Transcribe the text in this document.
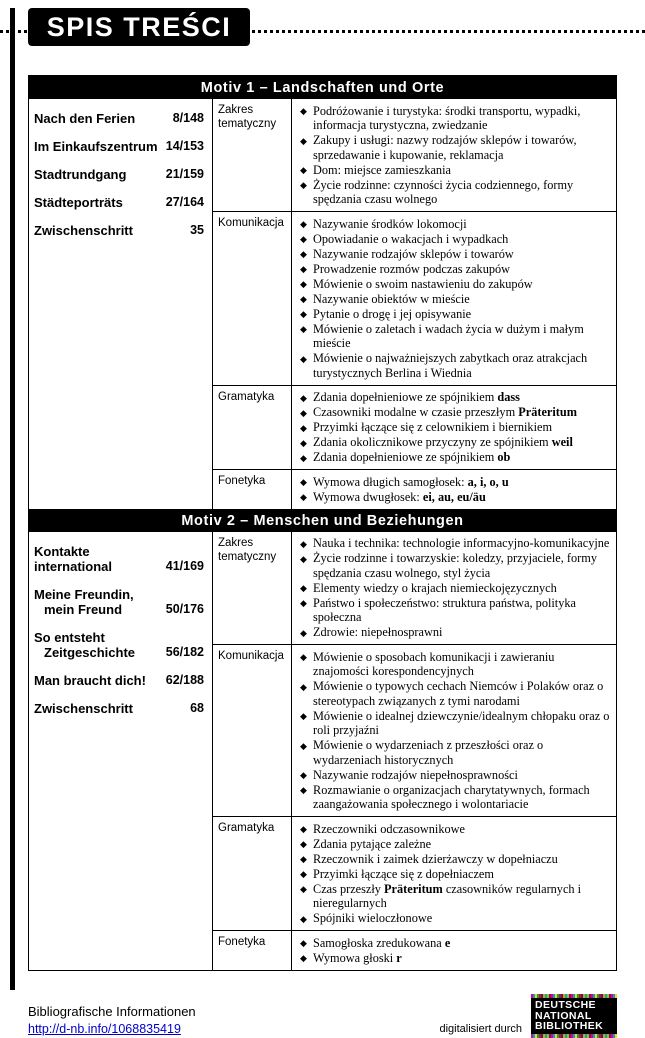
SPIS TREŚCI
Motiv 1 – Landschaften und Orte
Nach den Ferien	8/148
Im Einkaufszentrum 14/153
Stadtrundgang	21/159
Städteporträts	27/164
Zwischenschritt	35
Zakres tematyczny
◆ Podróżowanie i turystyka: środki transportu, wypadki, informacja turystyczna, zwiedzanie
◆ Zakupy i usługi: nazwy rodzajów sklepów i towarów, sprzedawanie i kupowanie, reklamacja
◆ Dom: miejsce zamieszkania
◆ Życie rodzinne: czynności życia codziennego, formy spędzania czasu wolnego
Komunikacja	◆ Nazywanie środków lokomocji
◆ Opowiadanie o wakacjach i wypadkach
◆ Nazywanie rodzajów sklepów i towarów
◆ Prowadzenie rozmów podczas zakupów
◆ Mówienie o swoim nastawieniu do zakupów
◆ Nazywanie obiektów w mieście
◆ Pytanie o drogę i jej opisywanie
◆ Mówienie o zaletach i wadach życia w dużym i małym mieście
◆ Mówienie o najważniejszych zabytkach oraz atrakcjach turystycznych Berlina i Wiednia
Gramatyka	◆ Zdania dopełnieniowe ze spójnikiem dass
◆ Czasowniki modalne w czasie przeszłym Präteritum
◆ Przyimki łączące się z celownikiem i biernikiem
◆ Zdania okolicznikowe przyczyny ze spójnikiem weil
◆ Zdania dopełnieniowe ze spójnikiem ob
Fonetyka	◆ Wymowa długich samogłosek: a, i, o, u
◆ Wymowa dwugłosek: ei, au, eu/äu
Motiv 2 – Menschen und Beziehungen
Kontakte international	41/169
Meine Freundin,
mein Freund	50/176
So entsteht
Zeitgeschichte 56/182
Man braucht dich! 62/188
Zwischenschritt	68
Zakres tematyczny
◆ Nauka i technika: technologie informacyjno-komunikacyjne
◆ Życie rodzinne i towarzyskie: koledzy, przyjaciele, formy spędzania czasu wolnego, styl życia
◆ Elementy wiedzy o krajach niemieckojęzycznych
◆ Państwo i społeczeństwo: struktura państwa, polityka społeczna
◆ Zdrowie: niepełnosprawni
Komunikacja	◆ Mówienie o sposobach komunikacji i zawieraniu znajomości korespondencyjnych
◆ Mówienie o typowych cechach Niemców i Polaków oraz o stereotypach związanych z tymi narodami
◆ Mówienie o idealnej dziewczynie/idealnym chłopaku oraz o roli przyjaźni
◆ Mówienie o wydarzeniach z przeszłości oraz o wydarzeniach historycznych
◆ Nazywanie rodzajów niepełnosprawności
◆ Rozmawianie o organizacjach charytatywnych, formach zaangażowania społecznego i wolontariacie
Gramatyka	◆ Rzeczowniki odczasownikowe
◆ Zdania pytające zależne
◆ Rzeczownik i zaimek dzierżawczy w dopełniaczu
◆ Przyimki łączące się z dopełniaczem
◆ Czas przeszły Präteritum czasowników regularnych i nieregularnych
◆ Spójniki wieloczłonowe
Fonetyka	◆ Samogłoska zredukowana e
◆ Wymowa głoski r
Bibliografische Informationen
http://d-nb.info/1068835419	digitalisiert durch
DEUTSCHE
NATIONAL
BIBLIOTHEK
